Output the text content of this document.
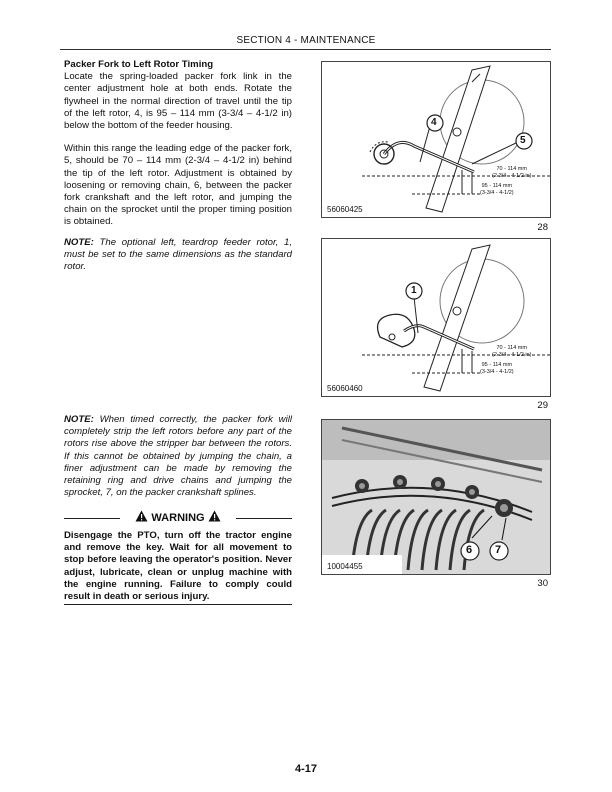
SECTION 4 - MAINTENANCE
Packer Fork to Left Rotor Timing
Locate the spring-loaded packer fork link in the center adjustment hole at both ends. Rotate the flywheel in the normal direction of travel until the tip of the left rotor, 4, is 95 – 114 mm (3-3/4 – 4-1/2 in) below the bottom of the feeder housing.
Within this range the leading edge of the packer fork, 5, should be 70 – 114 mm (2-3/4 – 4-1/2 in) behind the tip of the left rotor. Adjustment is obtained by loosening or removing chain, 6, between the packer fork crankshaft and the left rotor, and jumping the chain on the sprocket until the proper timing position is obtained.
NOTE: The optional left, teardrop feeder rotor, 1, must be set to the same dimensions as the standard rotor.
NOTE: When timed correctly, the packer fork will completely strip the left rotors before any part of the rotors rise above the stripper bar between the rotors. If this cannot be obtained by jumping the chain, a finer adjustment can be made by removing the retaining ring and drive chains and jumping the sprocket, 7, on the packer crankshaft splines.
WARNING
Disengage the PTO, turn off the tractor engine and remove the key. Wait for all movement to stop before leaving the operator's position. Never adjust, lubricate, clean or unplug machine with the engine running. Failure to comply could result in death or serious injury.
4
5
70 - 114 mm
(2-3/4 - 4-1/2 in)
95 - 114 mm
(3-3/4 - 4-1/2)
56060425
28
1
70 - 114 mm
(2-3/4 - 4-1/2 in)
95 - 114 mm
(3-3/4 - 4-1/2)
56060460
29
6 7
10004455
30
4-17
